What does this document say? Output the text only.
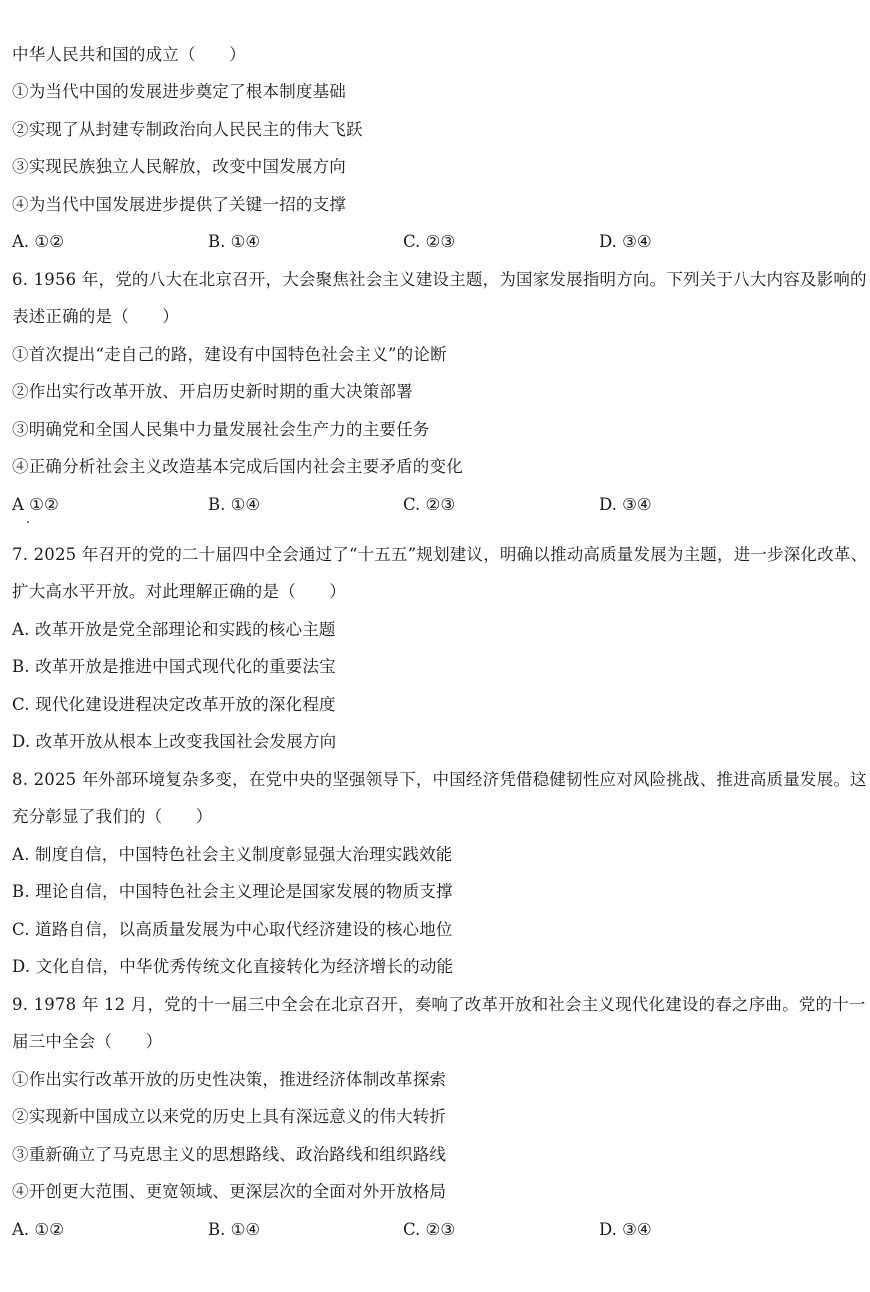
中华人民共和国的成立（　　）
①为当代中国的发展进步奠定了根本制度基础
②实现了从封建专制政治向人民民主的伟大飞跃
③实现民族独立人民解放，改变中国发展方向
④为当代中国发展进步提供了关键一招的支撑
A. ①②	B. ①④	C. ②③	D. ③④
6. 1956 年，党的八大在北京召开，大会聚焦社会主义建设主题，为国家发展指明方向。下列关于八大内容及影响的
表述正确的是（　　）
①首次提出“走自己的路，建设有中国特色社会主义”的论断
②作出实行改革开放、开启历史新时期的重大决策部署
③明确党和全国人民集中力量发展社会生产力的主要任务
④正确分析社会主义改造基本完成后国内社会主要矛盾的变化
A ①②	B. ①④	C. ②③	D. ③④
7. 2025 年召开的党的二十届四中全会通过了“十五五”规划建议，明确以推动高质量发展为主题，进一步深化改革、
扩大高水平开放。对此理解正确的是（　　）
A. 改革开放是党全部理论和实践的核心主题
B. 改革开放是推进中国式现代化的重要法宝
C. 现代化建设进程决定改革开放的深化程度
D. 改革开放从根本上改变我国社会发展方向
8. 2025 年外部环境复杂多变，在党中央的坚强领导下，中国经济凭借稳健韧性应对风险挑战、推进高质量发展。这
充分彰显了我们的（　　）
A. 制度自信，中国特色社会主义制度彰显强大治理实践效能
B. 理论自信，中国特色社会主义理论是国家发展的物质支撑
C. 道路自信，以高质量发展为中心取代经济建设的核心地位
D. 文化自信，中华优秀传统文化直接转化为经济增长的动能
9. 1978 年 12 月，党的十一届三中全会在北京召开，奏响了改革开放和社会主义现代化建设的春之序曲。党的十一
届三中全会（　　）
①作出实行改革开放的历史性决策，推进经济体制改革探索
②实现新中国成立以来党的历史上具有深远意义的伟大转折
③重新确立了马克思主义的思想路线、政治路线和组织路线
④开创更大范围、更宽领域、更深层次的全面对外开放格局
A. ①②	B. ①④	C. ②③	D. ③④
